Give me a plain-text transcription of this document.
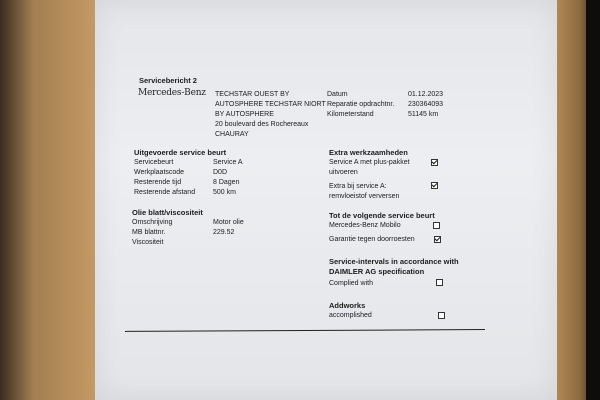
Servicebericht 2
Mercedes-Benz TECHSTAR OUEST BY
AUTOSPHERE TECHSTAR NIORT
BY AUTOSPHERE
20 boulevard des Rochereaux
CHAURAY
Datum	01.12.2023
Reparatie opdrachtnr. 230364093
Kilometerstand	51145 km
Uitgevoerde service beurt
Servicebeurt	Service A
Werkplaatscode	D0D
Resterende tijd	8 Dagen
Resterende afstand	500 km
Olie blatt/viscositeit
Omschrijving	Motor olie
MB blattnr.	229.52
Viscositeit
Extra werkzaamheden
Service A met plus-pakket
uitvoeren
Extra bij service A:
remvloeistof verversen
Tot de volgende service beurt
Mercedes-Benz Mobilo
Garantie tegen doorroesten
Service-intervals in accordance with
DAIMLER AG specification
Complied with
Addworks
accomplished
